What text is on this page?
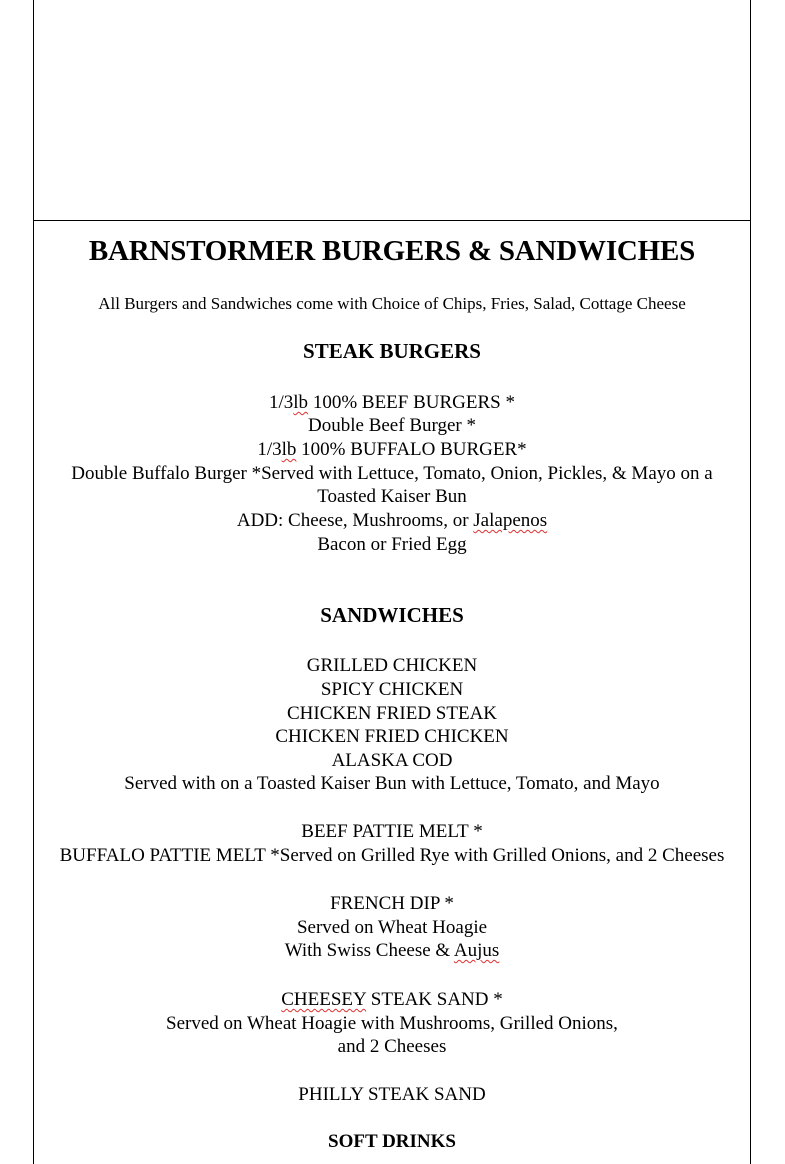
BARNSTORMER BURGERS & SANDWICHES
All Burgers and Sandwiches come with Choice of Chips, Fries, Salad, Cottage Cheese
STEAK BURGERS
1/3lb 100% BEEF BURGERS *
Double Beef Burger *
1/3lb 100% BUFFALO BURGER*
Double Buffalo Burger *Served with Lettuce, Tomato, Onion, Pickles, & Mayo on a
Toasted Kaiser Bun
ADD: Cheese, Mushrooms, or Jalapenos
Bacon or Fried Egg
SANDWICHES
GRILLED CHICKEN
SPICY CHICKEN
CHICKEN FRIED STEAK
CHICKEN FRIED CHICKEN
ALASKA COD
Served with on a Toasted Kaiser Bun with Lettuce, Tomato, and Mayo
BEEF PATTIE MELT *
BUFFALO PATTIE MELT *Served on Grilled Rye with Grilled Onions, and 2 Cheeses
FRENCH DIP *
Served on Wheat Hoagie
With Swiss Cheese & Aujus
CHEESEY STEAK SAND *
Served on Wheat Hoagie with Mushrooms, Grilled Onions,
and 2 Cheeses
PHILLY STEAK SAND
SOFT DRINKS
